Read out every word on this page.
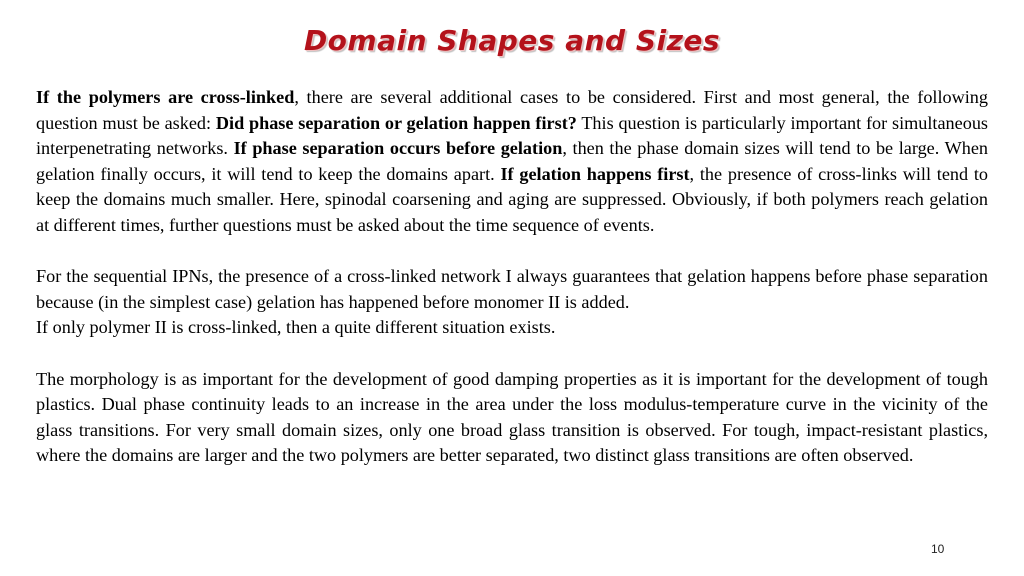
Domain Shapes and Sizes

If the polymers are cross-linked, there are several additional cases to be considered. First and most general, the following question must be asked: Did phase separation or gelation happen first? This question is particularly important for simultaneous interpenetrating networks. If phase separation occurs before gelation, then the phase domain sizes will tend to be large. When gelation finally occurs, it will tend to keep the domains apart. If gelation happens first, the presence of cross-links will tend to keep the domains much smaller. Here, spinodal coarsening and aging are suppressed. Obviously, if both polymers reach gelation at different times, further questions must be asked about the time sequence of events.

For the sequential IPNs, the presence of a cross-linked network I always guarantees that gelation happens before phase separation because (in the simplest case) gelation has happened before monomer II is added.

If only polymer II is cross-linked, then a quite different situation exists.

The morphology is as important for the development of good damping properties as it is important for the development of tough plastics. Dual phase continuity leads to an increase in the area under the loss modulus-temperature curve in the vicinity of the glass transitions. For very small domain sizes, only one broad glass transition is observed. For tough, impact-resistant plastics, where the domains are larger and the two polymers are better separated, two distinct glass transitions are often observed.

10
